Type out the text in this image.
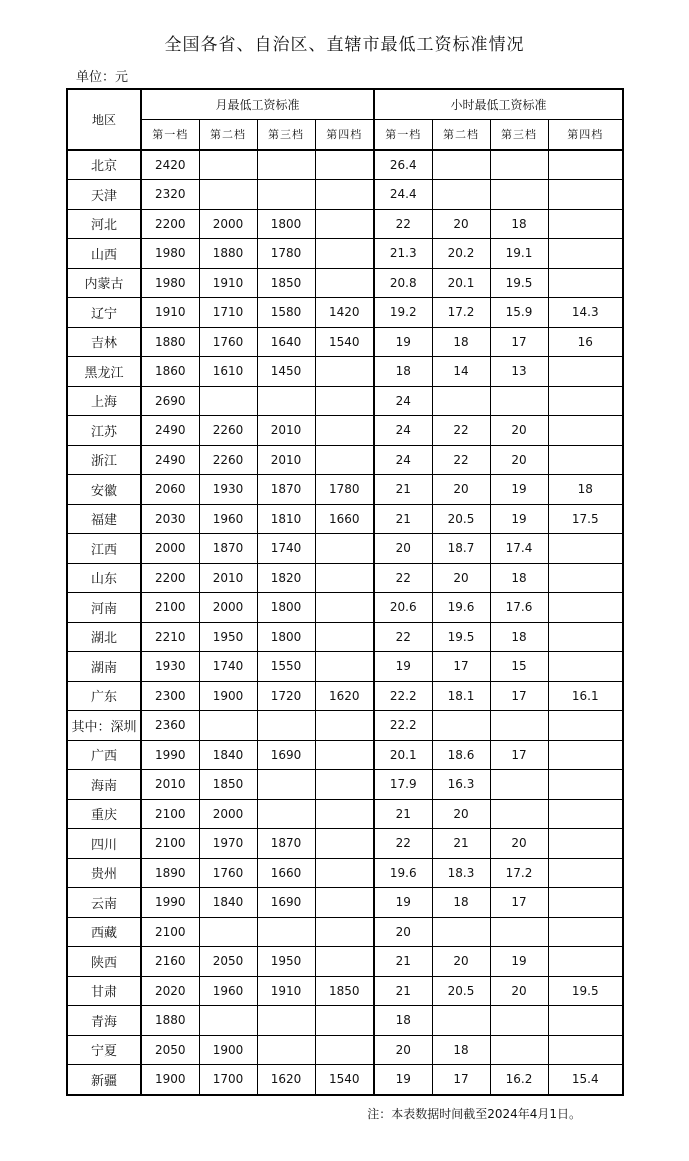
全国各省、自治区、直辖市最低工资标准情况
单位：元
地区	月最低工资标准				小时最低工资标准			
	第一档	第二档	第三档	第四档	第一档	第二档	第三档	第四档
北京	2420				26.4			
天津	2320				24.4			
河北	2200	2000	1800		22	20	18	
山西	1980	1880	1780		21.3	20.2	19.1	
内蒙古	1980	1910	1850		20.8	20.1	19.5	
辽宁	1910	1710	1580	1420	19.2	17.2	15.9	14.3
吉林	1880	1760	1640	1540	19	18	17	16
黑龙江	1860	1610	1450		18	14	13	
上海	2690				24			
江苏	2490	2260	2010		24	22	20	
浙江	2490	2260	2010		24	22	20	
安徽	2060	1930	1870	1780	21	20	19	18
福建	2030	1960	1810	1660	21	20.5	19	17.5
江西	2000	1870	1740		20	18.7	17.4	
山东	2200	2010	1820		22	20	18	
河南	2100	2000	1800		20.6	19.6	17.6	
湖北	2210	1950	1800		22	19.5	18	
湖南	1930	1740	1550		19	17	15	
广东	2300	1900	1720	1620	22.2	18.1	17	16.1
其中：深圳	2360				22.2			
广西	1990	1840	1690		20.1	18.6	17	
海南	2010	1850			17.9	16.3		
重庆	2100	2000			21	20		
四川	2100	1970	1870		22	21	20	
贵州	1890	1760	1660		19.6	18.3	17.2	
云南	1990	1840	1690		19	18	17	
西藏	2100				20			
陕西	2160	2050	1950		21	20	19	
甘肃	2020	1960	1910	1850	21	20.5	20	19.5
青海	1880				18			
宁夏	2050	1900			20	18		
新疆	1900	1700	1620	1540	19	17	16.2	15.4
注：本表数据时间截至2024年4月1日。
